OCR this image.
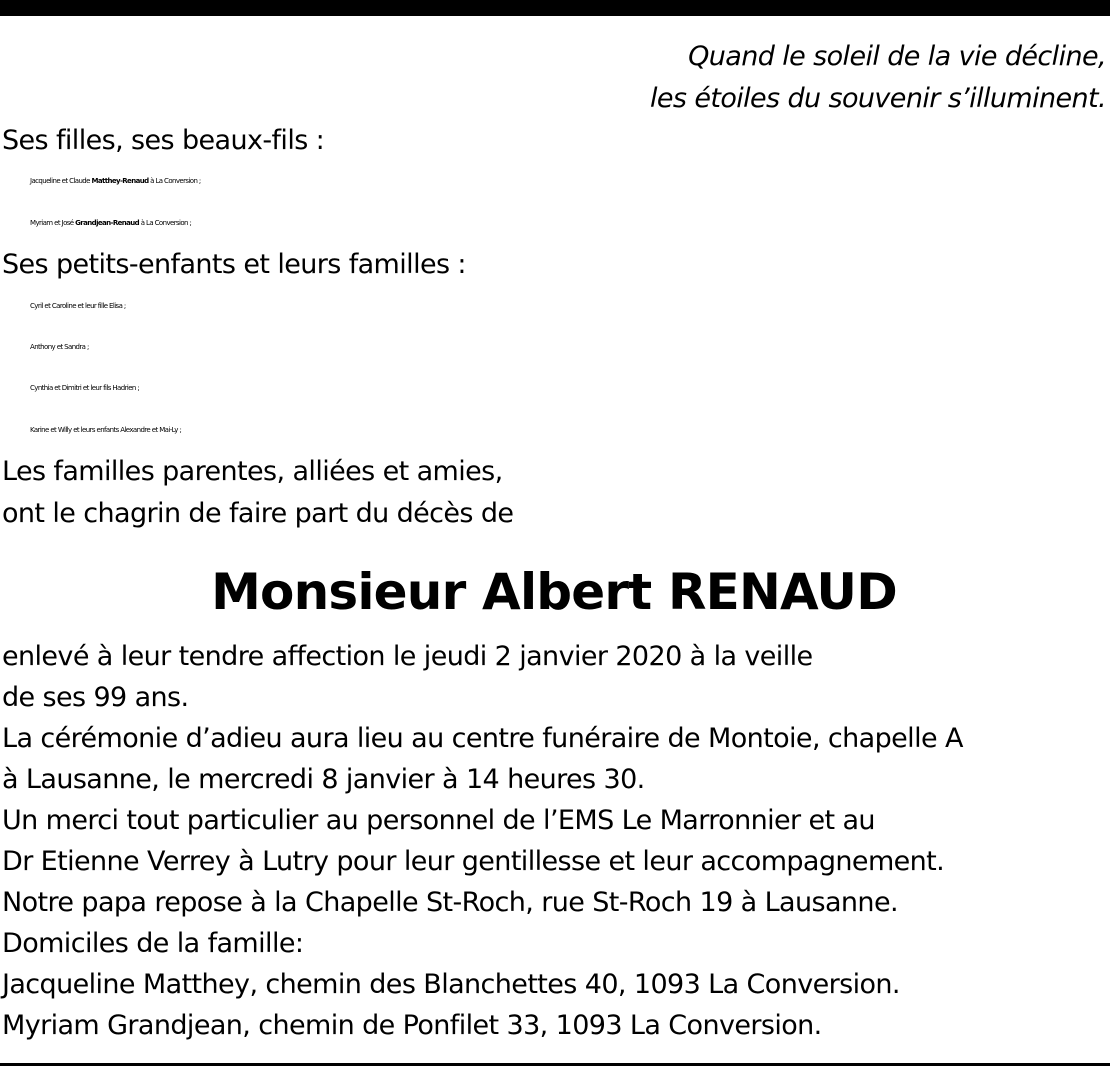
Quand le soleil de la vie décline,
les étoiles du souvenir s’illuminent.
Ses filles, ses beaux-fils :
Jacqueline et Claude Matthey-Renaud à La Conversion ;
Myriam et José Grandjean-Renaud à La Conversion ;
Ses petits-enfants et leurs familles :
Cyril et Caroline et leur fille Elisa ;
Anthony et Sandra ;
Cynthia et Dimitri et leur fils Hadrien ;
Karine et Willy et leurs enfants Alexandre et Mai-Ly ;
Les familles parentes, alliées et amies,
ont le chagrin de faire part du décès de
Monsieur Albert RENAUD
enlevé à leur tendre affection le jeudi 2 janvier 2020 à la veille
de ses 99 ans.
La cérémonie d’adieu aura lieu au centre funéraire de Montoie, chapelle A
à Lausanne, le mercredi 8 janvier à 14 heures 30.
Un merci tout particulier au personnel de l’EMS Le Marronnier et au
Dr Etienne Verrey à Lutry pour leur gentillesse et leur accompagnement.
Notre papa repose à la Chapelle St-Roch, rue St-Roch 19 à Lausanne.
Domiciles de la famille:
Jacqueline Matthey, chemin des Blanchettes 40, 1093 La Conversion.
Myriam Grandjean, chemin de Ponfilet 33, 1093 La Conversion.
